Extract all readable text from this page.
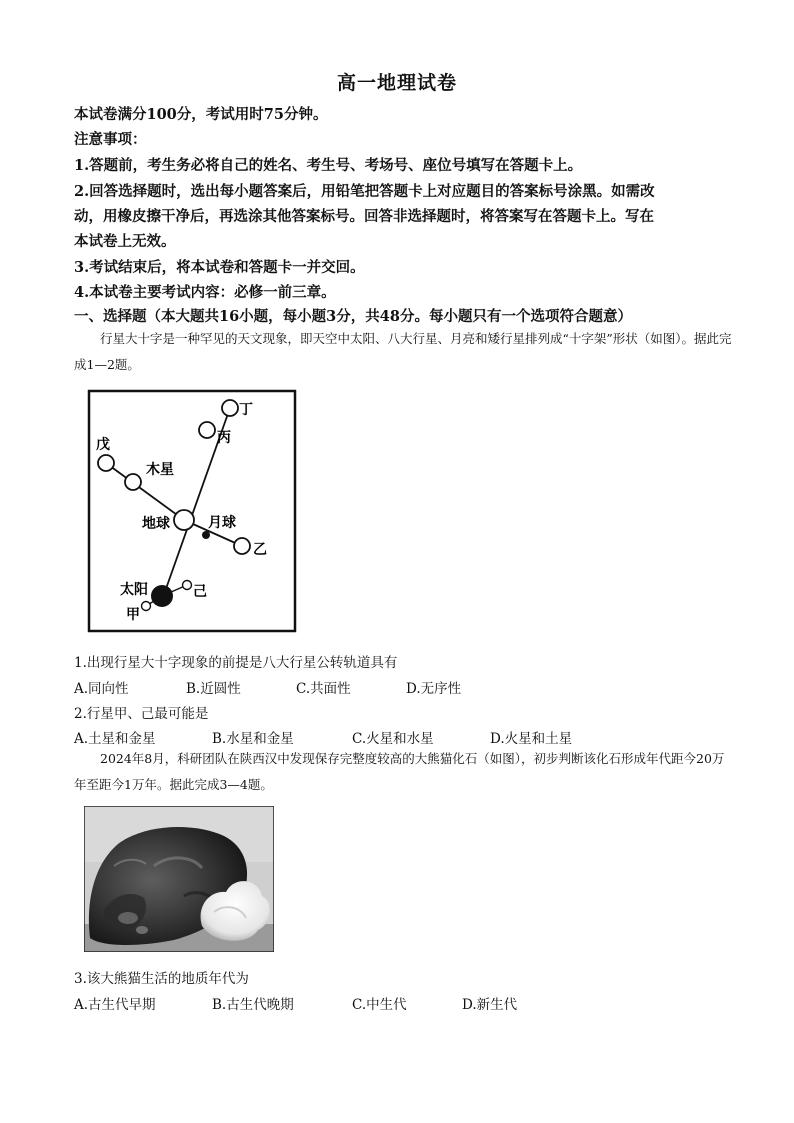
高一地理试卷
本试卷满分100分，考试用时75分钟。
注意事项：
1.答题前，考生务必将自己的姓名、考生号、考场号、座位号填写在答题卡上。
2.回答选择题时，选出每小题答案后，用铅笔把答题卡上对应题目的答案标号涂黑。如需改
动，用橡皮擦干净后，再选涂其他答案标号。回答非选择题时，将答案写在答题卡上。写在
本试卷上无效。
3.考试结束后，将本试卷和答题卡一并交回。
4.本试卷主要考试内容：必修一前三章。
一、选择题（本大题共16小题，每小题3分，共48分。每小题只有一个选项符合题意）
行星大十字是一种罕见的天文现象，即天空中太阳、八大行星、月亮和矮行星排列成“十字架”形状（如图）。据此完成1—2题。
丁
丙
戊
木星
地球	月球
乙
太阳	己
甲
1.出现行星大十字现象的前提是八大行星公转轨道具有
A.同向性	B.近圆性	C.共面性	D.无序性
2.行星甲、己最可能是
A.土星和金星	B.水星和金星	C.火星和水星	D.火星和土星
2024年8月，科研团队在陕西汉中发现保存完整度较高的大熊猫化石（如图），初步判断该化石形成年代距今20万年至距今1万年。据此完成3—4题。
3.该大熊猫生活的地质年代为
A.古生代早期	B.古生代晚期	C.中生代	D.新生代
